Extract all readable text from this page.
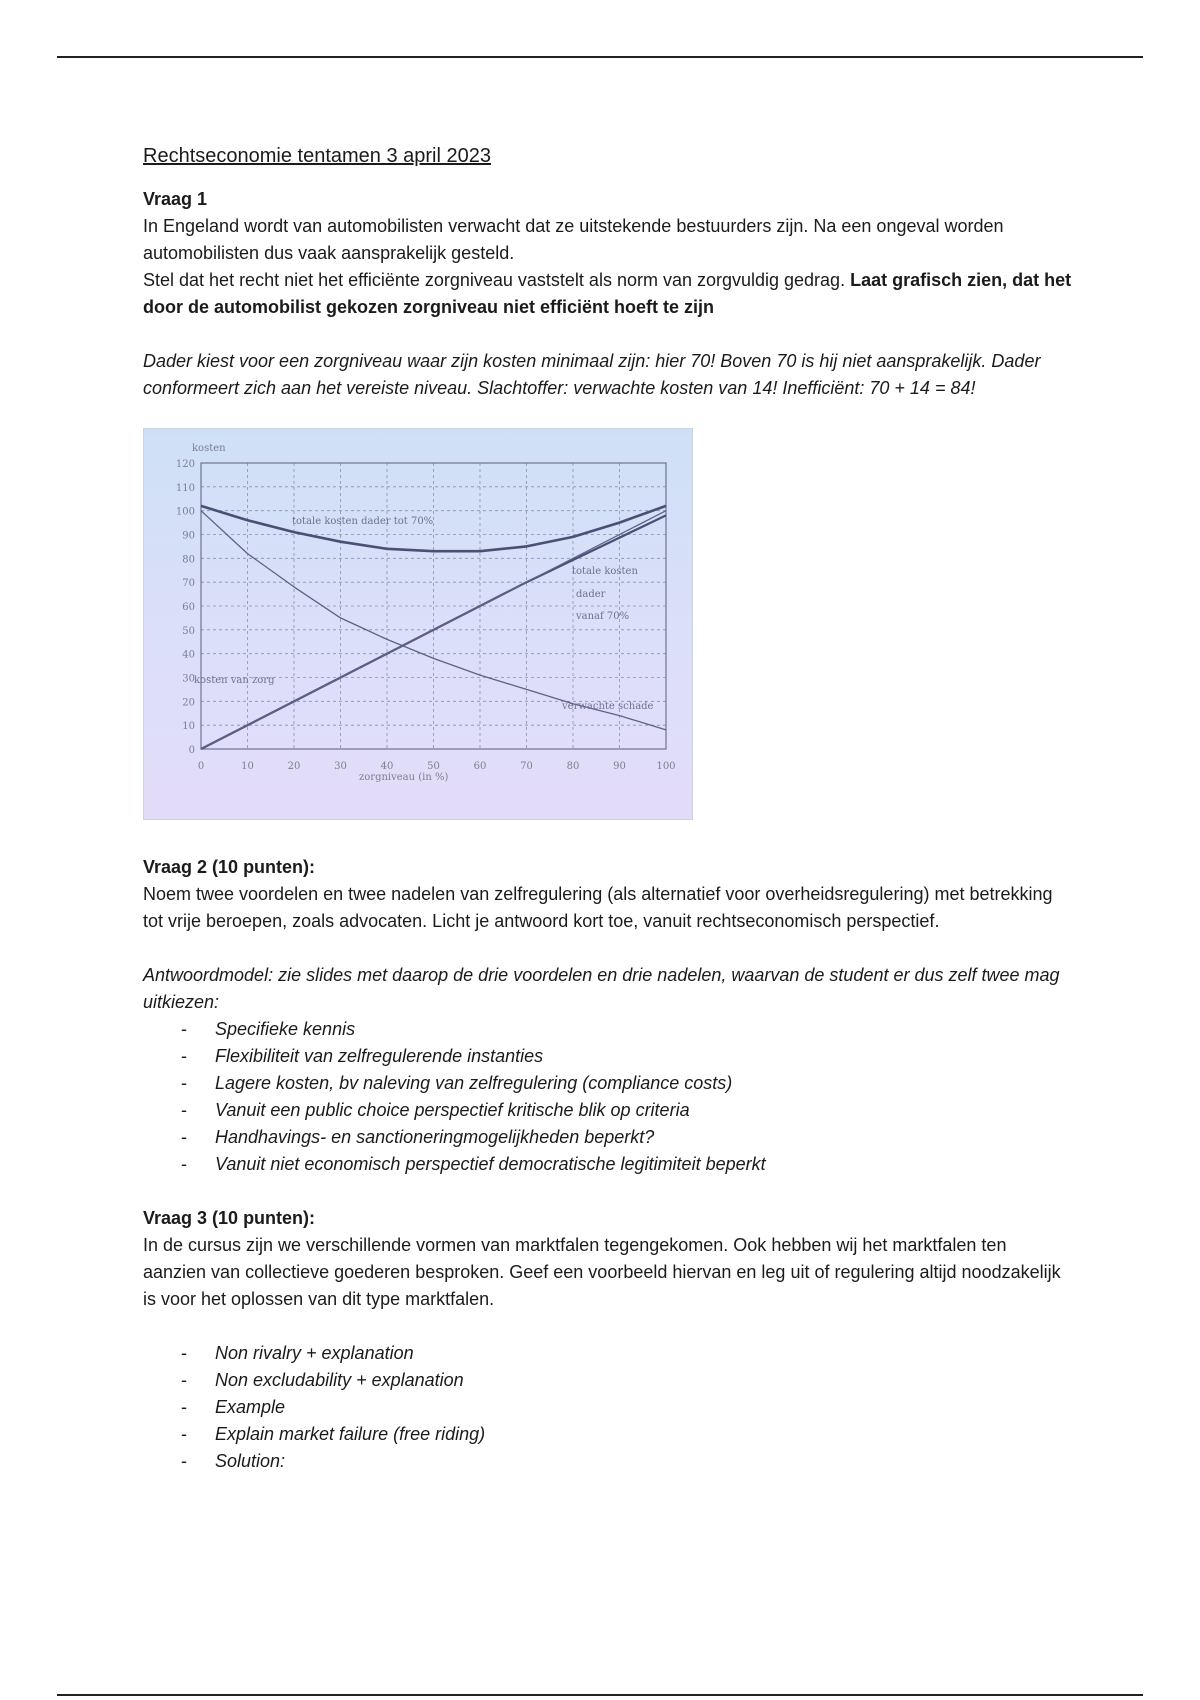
Rechtseconomie tentamen 3 april 2023

Vraag 1

In Engeland wordt van automobilisten verwacht dat ze uitstekende bestuurders zijn. Na een ongeval worden automobilisten dus vaak aansprakelijk gesteld.

Stel dat het recht niet het efficiënte zorgniveau vaststelt als norm van zorgvuldig gedrag. Laat grafisch zien, dat het door de automobilist gekozen zorgniveau niet efficiënt hoeft te zijn

Dader kiest voor een zorgniveau waar zijn kosten minimaal zijn: hier 70! Boven 70 is hij niet aansprakelijk. Dader conformeert zich aan het vereiste niveau. Slachtoffer: verwachte kosten van 14! Inefficiënt: 70 + 14 = 84!

0
10
20
30
40
50
60
70
80
90
100
110
120
0	10	20	30	40	50	60	70	80	90	100
kosten
zorgniveau (in %)
totale kosten dader tot 70%
totale kosten
dader
vanaf 70%
kosten van zorg
verwachte schade

Vraag 2 (10 punten):

Noem twee voordelen en twee nadelen van zelfregulering (als alternatief voor overheidsregulering) met betrekking tot vrije beroepen, zoals advocaten. Licht je antwoord kort toe, vanuit rechtseconomisch perspectief.

Antwoordmodel: zie slides met daarop de drie voordelen en drie nadelen, waarvan de student er dus zelf twee mag uitkiezen:

- Specifieke kennis
- Flexibiliteit van zelfregulerende instanties
- Lagere kosten, bv naleving van zelfregulering (compliance costs)
- Vanuit een public choice perspectief kritische blik op criteria
- Handhavings- en sanctioneringmogelijkheden beperkt?
- Vanuit niet economisch perspectief democratische legitimiteit beperkt

Vraag 3 (10 punten):

In de cursus zijn we verschillende vormen van marktfalen tegengekomen. Ook hebben wij het marktfalen ten aanzien van collectieve goederen besproken. Geef een voorbeeld hiervan en leg uit of regulering altijd noodzakelijk is voor het oplossen van dit type marktfalen.

- Non rivalry + explanation
- Non excludability + explanation
- Example
- Explain market failure (free riding)
- Solution:
